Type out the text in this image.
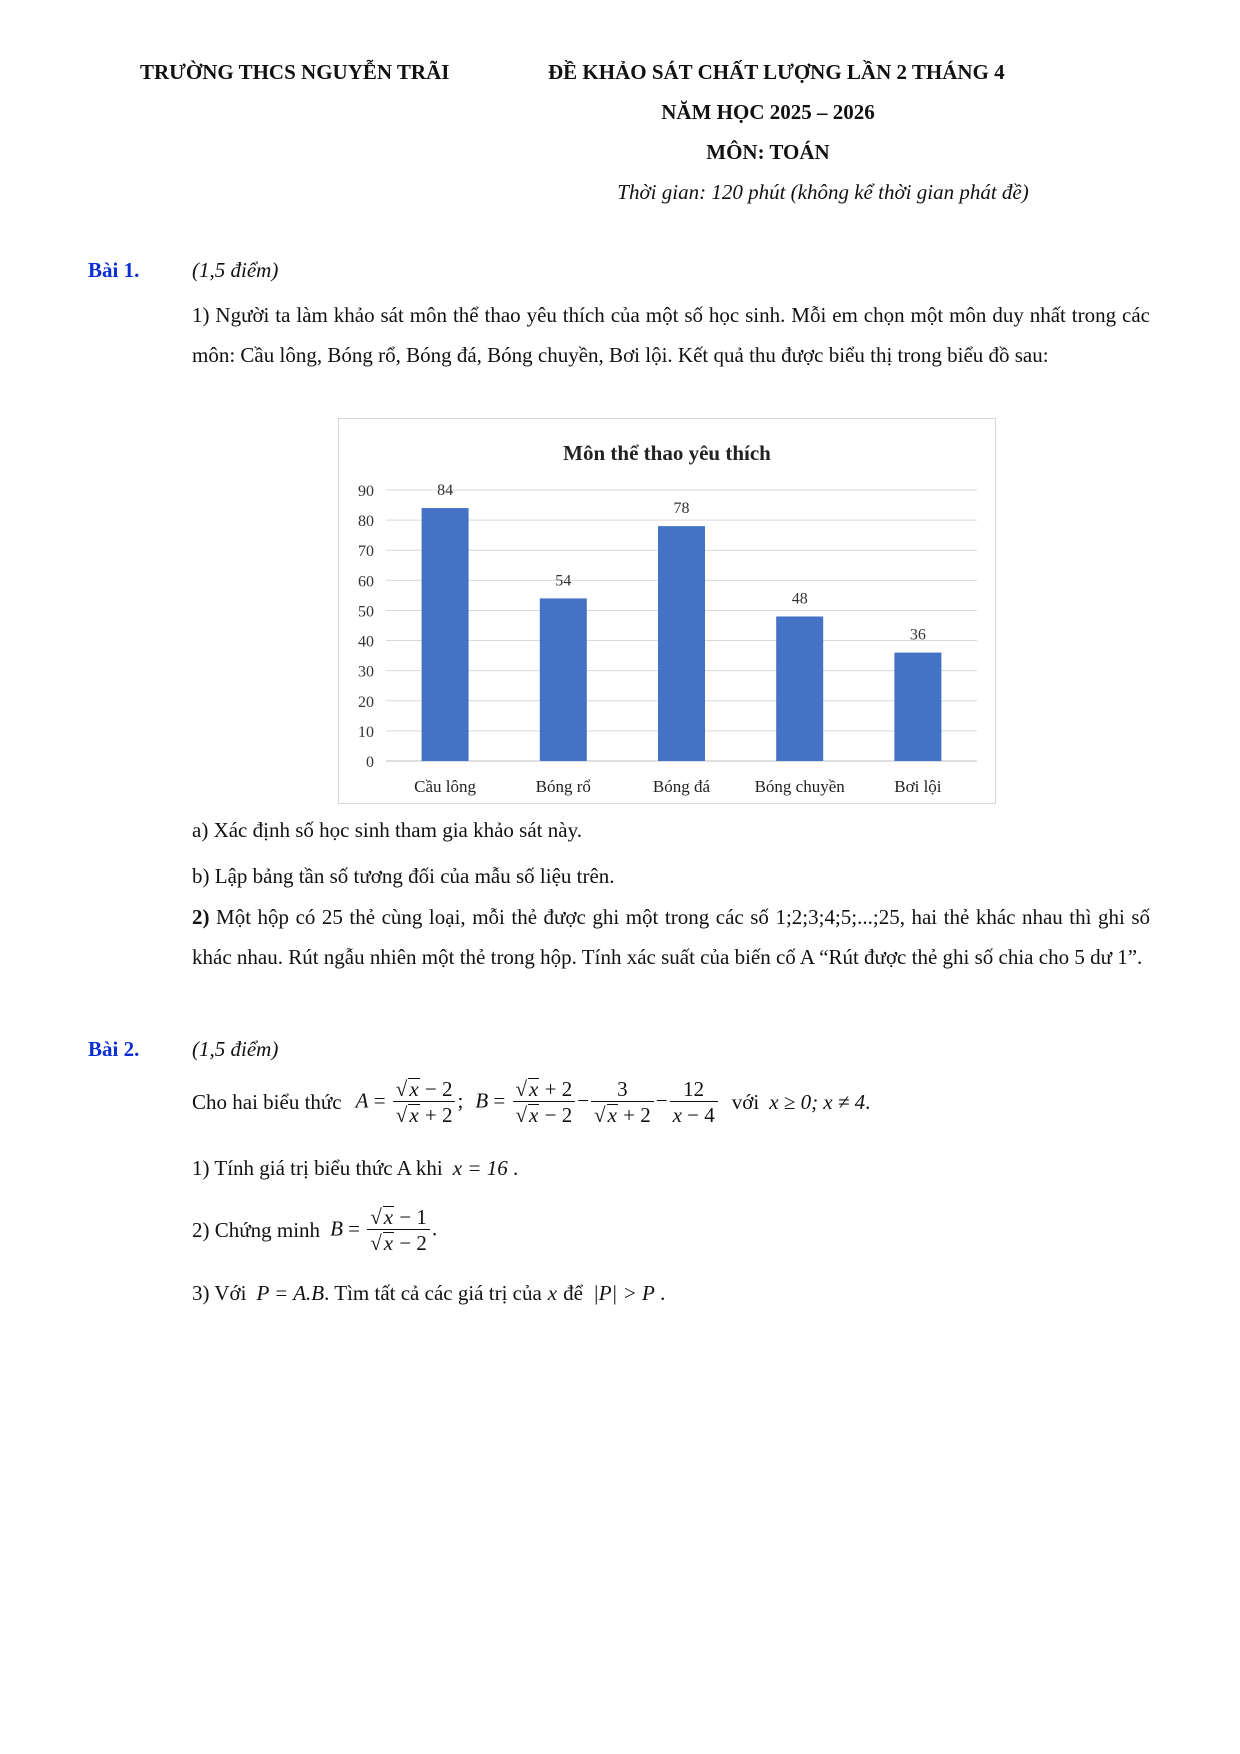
TRƯỜNG THCS NGUYỄN TRÃI	ĐỀ KHẢO SÁT CHẤT LƯỢNG LẦN 2 THÁNG 4
NĂM HỌC 2025 – 2026
MÔN: TOÁN
Thời gian: 120 phút (không kể thời gian phát đề)
Bài 1.	(1,5 điểm)
1) Người ta làm khảo sát môn thể thao yêu thích của một số học sinh. Mỗi em chọn một môn duy nhất trong các môn: Cầu lông, Bóng rổ, Bóng đá, Bóng chuyền, Bơi lội. Kết quả thu được biểu thị trong biểu đồ sau:
Môn thể thao yêu thích
0
10
20
30
40
50
60
70
80
90	84
Cầu lông
54
Bóng rổ
78
Bóng đá
48
Bóng chuyền
36
Bơi lội
a) Xác định số học sinh tham gia khảo sát này.
b) Lập bảng tần số tương đối của mẫu số liệu trên.
2) Một hộp có 25 thẻ cùng loại, mỗi thẻ được ghi một trong các số 1;2;3;4;5;...;25, hai thẻ khác nhau thì ghi số khác nhau. Rút ngẫu nhiên một thẻ trong hộp. Tính xác suất của biến cố A “Rút được thẻ ghi số chia cho 5 dư 1”.
Bài 2.	(1,5 điểm)
Cho hai biểu thức $A = \frac{√x - 2}{√x + 2}$ ; $B = \frac{√x + 2}{√x - 2} - \frac{3}{√x + 2} - \frac{12}{x - 4}$ với x ≥ 0; x ≠ 4 .
1) Tính giá trị biểu thức A khi x = 16 .
2) Chứng minh $B = \frac{√x - 1}{√x - 2}$ .
3) Với P = A.B . Tìm tất cả các giá trị của x để |P| > P .
